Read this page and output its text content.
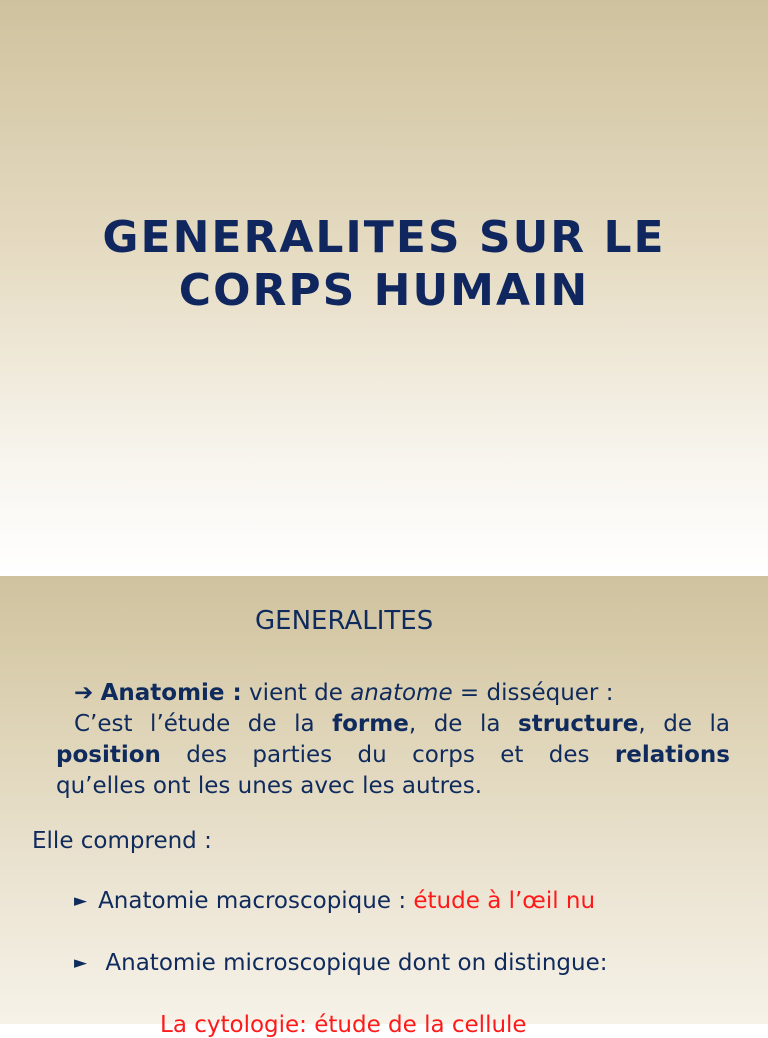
GENERALITES SUR LE
CORPS HUMAIN
GENERALITES
➔ Anatomie : vient de anatome = disséquer :
C’est l’étude de la forme, de la structure, de la
position des parties du corps et des relations
qu’elles ont les unes avec les autres.
Elle comprend :
► Anatomie macroscopique : étude à l’œil nu
► Anatomie microscopique dont on distingue:
La cytologie: étude de la cellule
